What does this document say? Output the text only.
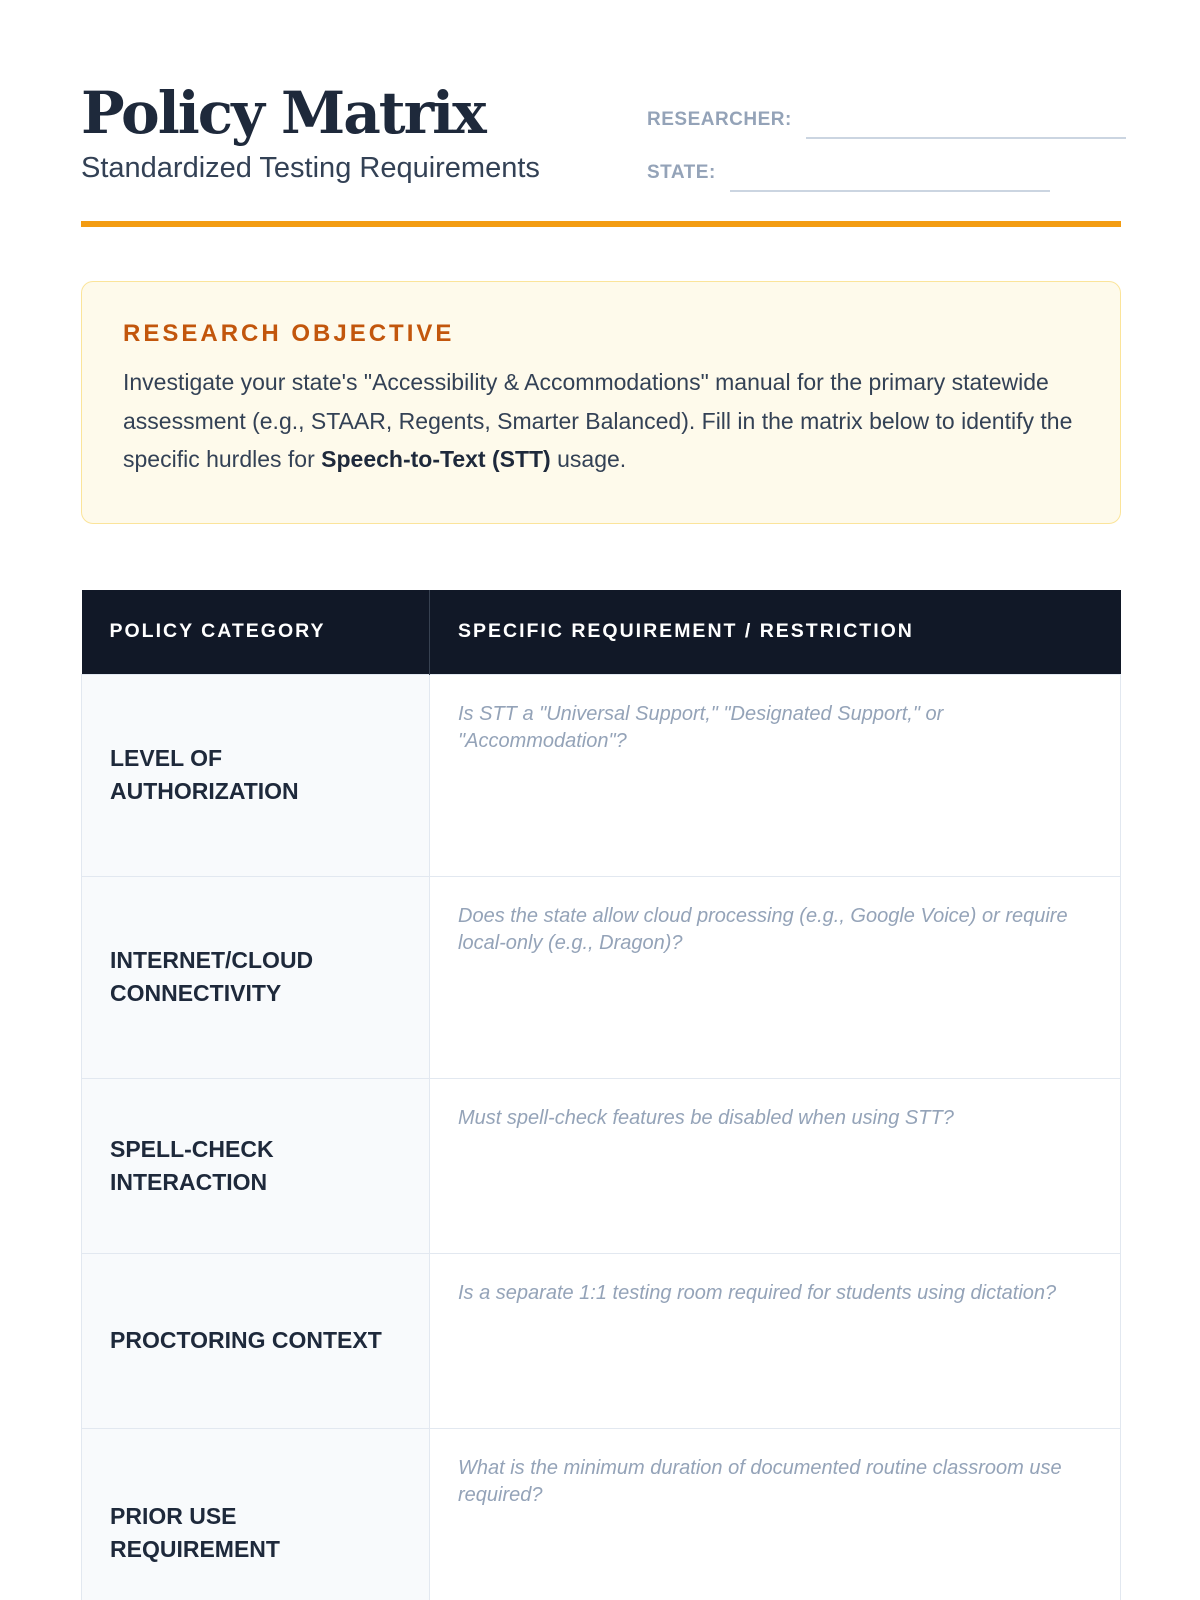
Policy Matrix
Standardized Testing Requirements
RESEARCHER:
STATE:
RESEARCH OBJECTIVE

Investigate your state's "Accessibility & Accommodations" manual for the primary statewide assessment (e.g., STAAR, Regents, Smarter Balanced). Fill in the matrix below to identify the specific hurdles for Speech-to-Text (STT) usage.

POLICY CATEGORY	SPECIFIC REQUIREMENT / RESTRICTION
LEVEL OF AUTHORIZATION	Is STT a "Universal Support," "Designated Support," or "Accommodation"?
INTERNET/CLOUD CONNECTIVITY	Does the state allow cloud processing (e.g., Google Voice) or require local-only (e.g., Dragon)?
SPELL-CHECK INTERACTION	Must spell-check features be disabled when using STT?
PROCTORING CONTEXT	Is a separate 1:1 testing room required for students using dictation?
PRIOR USE REQUIREMENT	What is the minimum duration of documented routine classroom use required?
